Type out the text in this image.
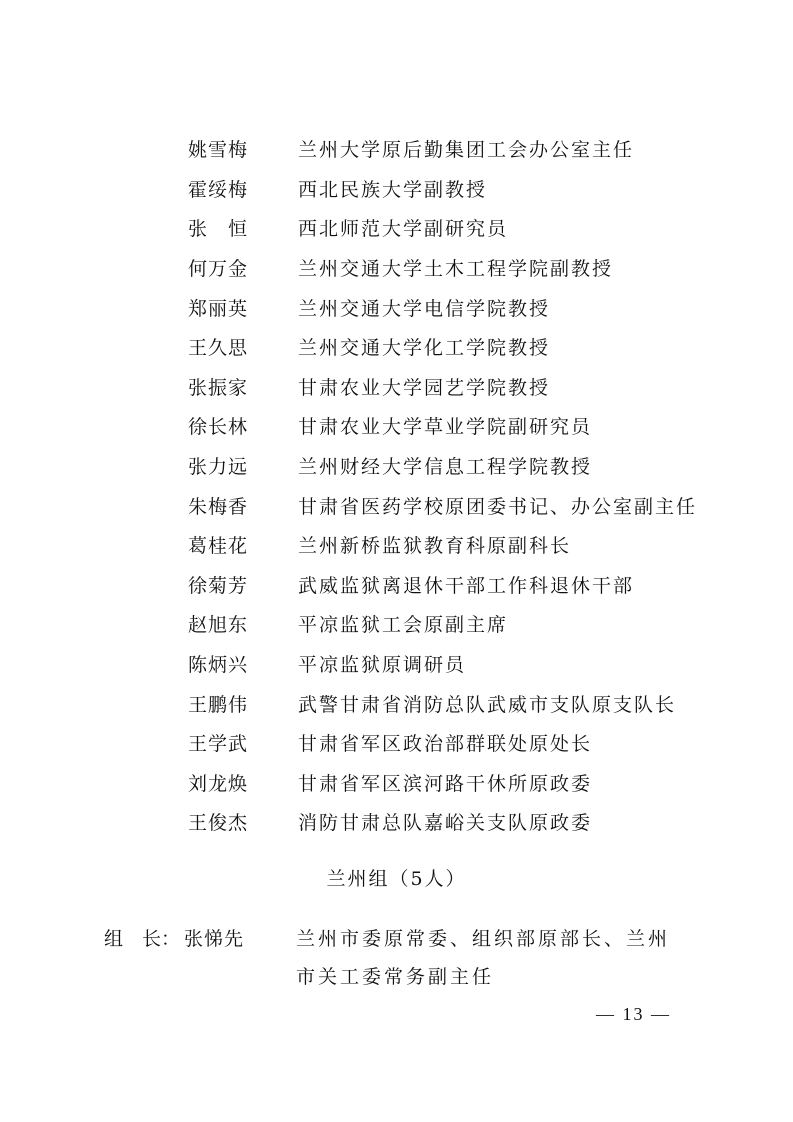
姚雪梅	兰州大学原后勤集团工会办公室主任
霍绥梅	西北民族大学副教授
张　恒	西北师范大学副研究员
何万金	兰州交通大学土木工程学院副教授
郑丽英	兰州交通大学电信学院教授
王久思	兰州交通大学化工学院教授
张振家	甘肃农业大学园艺学院教授
徐长林	甘肃农业大学草业学院副研究员
张力远	兰州财经大学信息工程学院教授
朱梅香	甘肃省医药学校原团委书记、办公室副主任
葛桂花	兰州新桥监狱教育科原副科长
徐菊芳	武威监狱离退休干部工作科退休干部
赵旭东	平凉监狱工会原副主席
陈炳兴	平凉监狱原调研员
王鹏伟	武警甘肃省消防总队武威市支队原支队长
王学武	甘肃省军区政治部群联处原处长
刘龙焕	甘肃省军区滨河路干休所原政委
王俊杰	消防甘肃总队嘉峪关支队原政委
兰州组（5人）
组　长： 张悌先	兰州市委原常委、组织部原部长、兰州市关工委常务副主任
— 13 —
